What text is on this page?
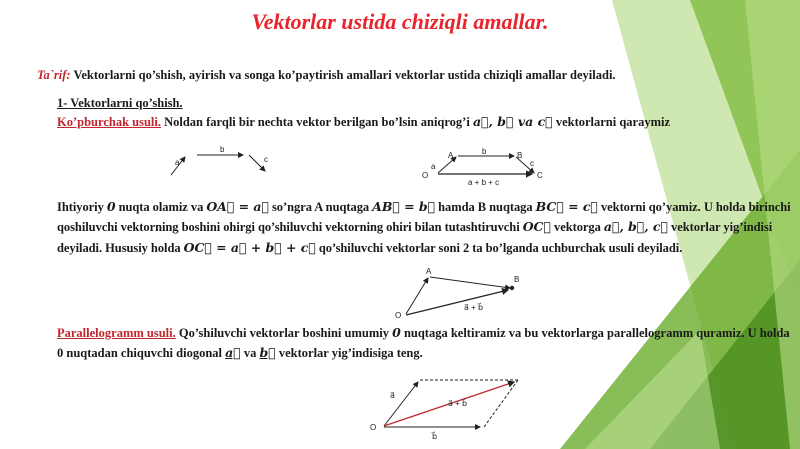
Vektorlar ustida chiziqli amallar.
Ta`rif: Vektorlarni qo’shish, ayirish va songa ko’paytirish amallari vektorlar ustida chiziqli amallar deyiladi.
1- Vektorlarni qo’shish.
Ko’pburchak usuli. Noldan farqli bir nechta vektor berilgan bo’lsin aniqrog’i a⃗, b⃗ va c⃗ vektorlarni qaraymiz
a
b
c
O
A	B
C
a
b
c
a + b + c
Ihtiyoriy 0 nuqta olamiz va OA⃗ = a⃗ so’ngra A nuqtaga AB⃗ = b⃗ hamda B nuqtaga BC⃗ = c⃗ vektorni qo’yamiz. U holda birinchi qoshiluvchi vektorning boshini ohirgi qo’shiluvchi vektorning ohiri bilan tutashtiruvchi OC⃗ vektorga a⃗, b⃗, c⃗ vektorlar yig’indisi deyiladi. Hususiy holda OC⃗ = a⃗ + b⃗ + c⃗ qo’shiluvchi vektorlar soni 2 ta bo’lganda uchburchak usuli deyiladi.
O
A
B
a⃗ + b⃗
Parallelogramm usuli. Qo’shiluvchi vektorlar boshini umumiy 0 nuqtaga keltiramiz va bu vektorlarga parallelogramm quramiz. U holda 0 nuqtadan chiquvchi diogonal a⃗ va b⃗ vektorlar yig’indisiga teng.
O
a⃗
b⃗
a⃗ + b⃗
